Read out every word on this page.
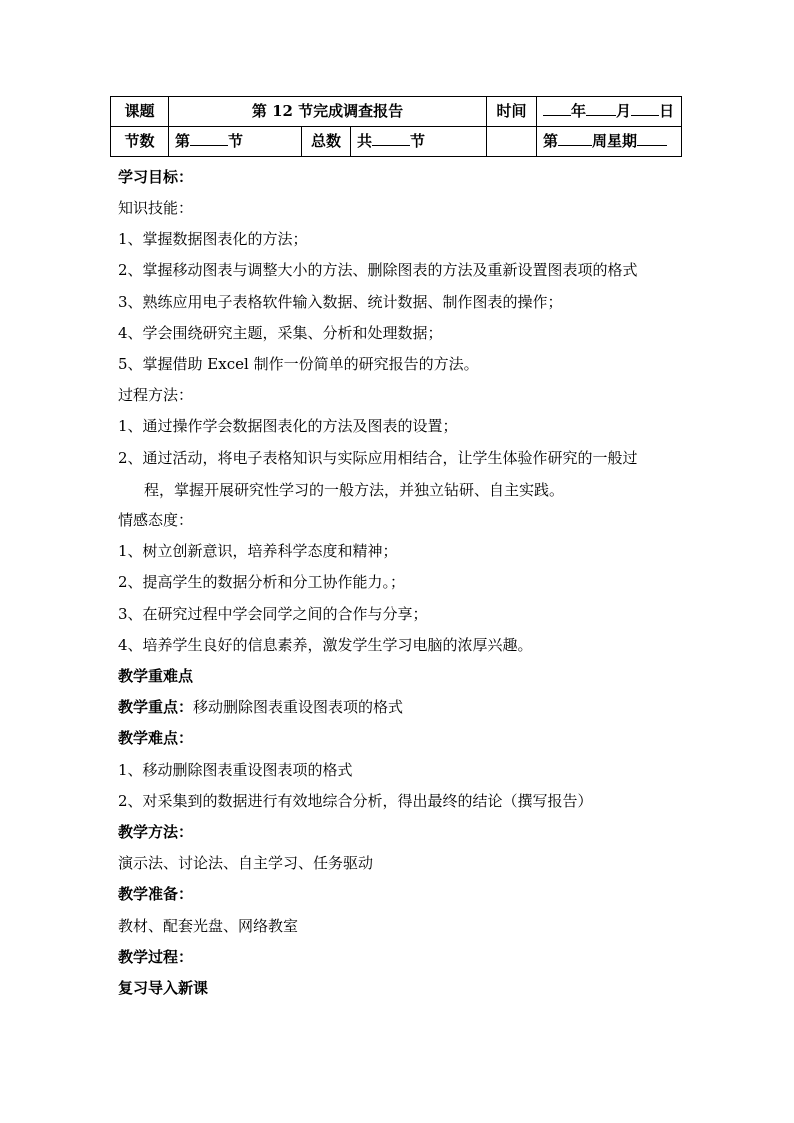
课题	第 12 节完成调查报告			时间	年 月 日
节数	第 节	总数	共 节		第 周星期
学习目标：
知识技能：
1、掌握数据图表化的方法；
2、掌握移动图表与调整大小的方法、删除图表的方法及重新设置图表项的格式
3、熟练应用电子表格软件输入数据、统计数据、制作图表的操作；
4、学会围绕研究主题，采集、分析和处理数据；
5、掌握借助 Excel 制作一份简单的研究报告的方法。
过程方法：
1、通过操作学会数据图表化的方法及图表的设置；
2、通过活动，将电子表格知识与实际应用相结合，让学生体验作研究的一般过
程，掌握开展研究性学习的一般方法，并独立钻研、自主实践。
情感态度：
1、树立创新意识，培养科学态度和精神；
2、提高学生的数据分析和分工协作能力。；
3、在研究过程中学会同学之间的合作与分享；
4、培养学生良好的信息素养，激发学生学习电脑的浓厚兴趣。
教学重难点
教学重点：移动删除图表重设图表项的格式
教学难点：
1、移动删除图表重设图表项的格式
2、对采集到的数据进行有效地综合分析，得出最终的结论（撰写报告）
教学方法：
演示法、讨论法、自主学习、任务驱动
教学准备：
教材、配套光盘、网络教室
教学过程：
复习导入新课
